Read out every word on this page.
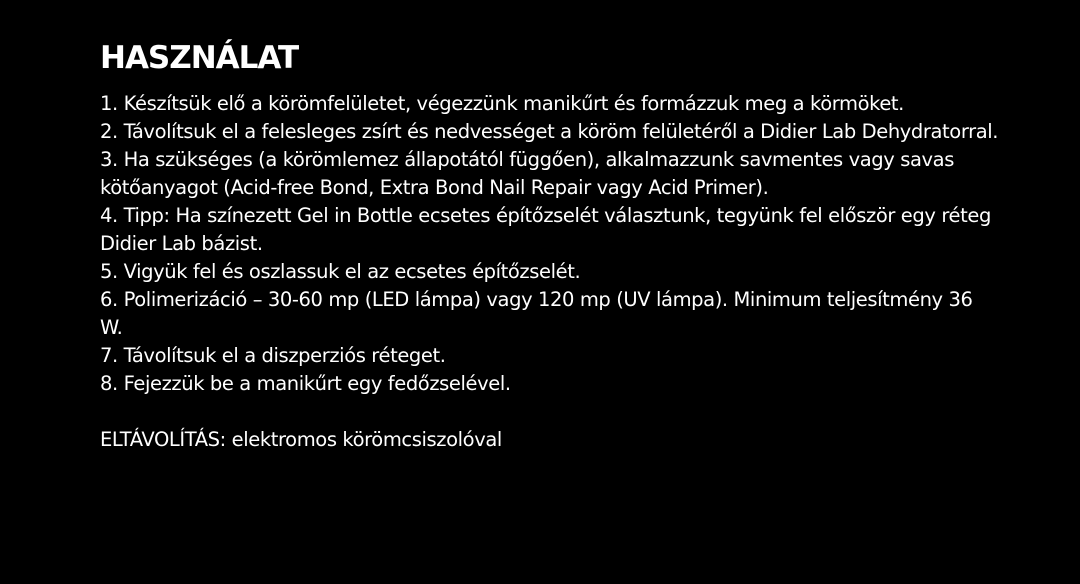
HASZNÁLAT
1. Készítsük elő a körömfelületet, végezzünk manikűrt és formázzuk meg a körmöket.
2. Távolítsuk el a felesleges zsírt és nedvességet a köröm felületéről a Didier Lab Dehydratorral.
3. Ha szükséges (a körömlemez állapotától függően), alkalmazzunk savmentes vagy savas kötőanyagot (Acid-free Bond, Extra Bond Nail Repair vagy Acid Primer).
4. Tipp: Ha színezett Gel in Bottle ecsetes építőzselét választunk, tegyünk fel először egy réteg Didier Lab bázist.
5. Vigyük fel és oszlassuk el az ecsetes építőzselét.
6. Polimerizáció – 30-60 mp (LED lámpa) vagy 120 mp (UV lámpa). Minimum teljesítmény 36 W.
7. Távolítsuk el a diszperziós réteget.
8. Fejezzük be a manikűrt egy fedőzselével.

ELTÁVOLÍTÁS: elektromos körömcsiszolóval
